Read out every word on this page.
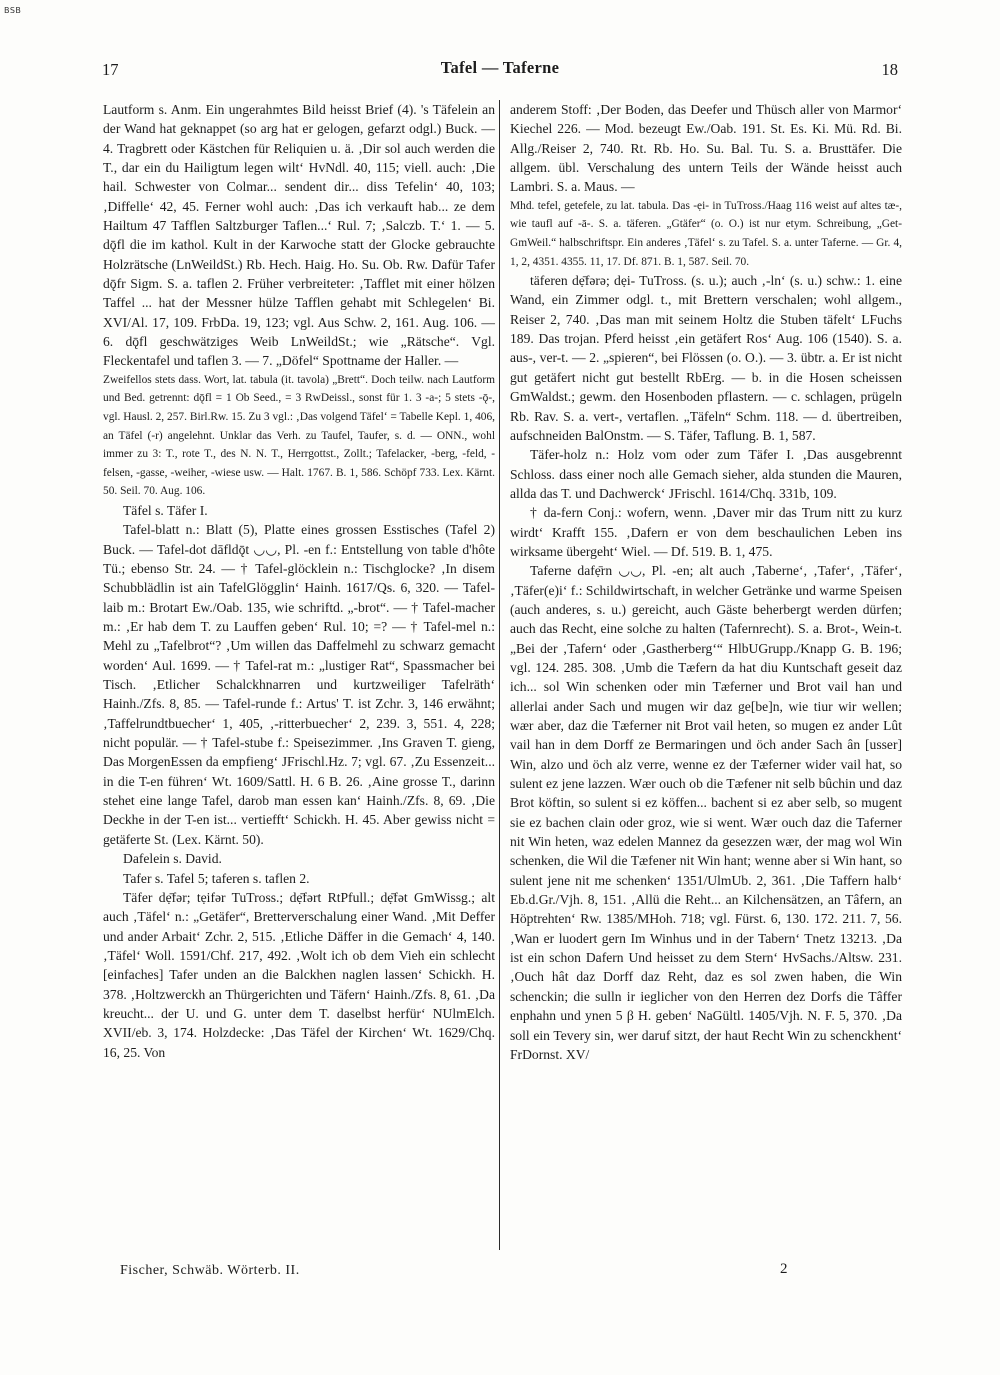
BSB
17	Tafel — Taferne	18

Lautform s. Anm. Ein ungerahmtes Bild heisst Brief (4). 's Täfelein an der Wand hat geknappet (so arg hat er gelogen, gefarzt odgl.) Buck. — 4. Tragbrett oder Kästchen für Reliquien u. ä. ‚Dir sol auch werden die T., dar ein du Hailigtum legen wilt‘ HvNdl. 40, 115; viell. auch: ‚Die hail. Schwester von Colmar... sendent dir... diss Tefelin‘ 40, 103; ‚Diffelle‘ 42, 45. Ferner wohl auch: ‚Das ich verkauft hab... ze dem Hailtum 47 Tafflen Saltzburger Taflen...‘ Rul. 7; ‚Salczb. T.‘ 1. — 5. dǭfl die im kathol. Kult in der Karwoche statt der Glocke gebrauchte Holzrätsche (LnWeildSt.) Rb. Hech. Haig. Ho. Su. Ob. Rw. Dafür Tafer dǭfr Sigm. S. a. taflen 2. Früher verbreiteter: ‚Tafflet mit einer hölzen Taffel ... hat der Messner hülze Tafflen gehabt mit Schlegelen‘ Bi. XVI/Al. 17, 109. FrbDa. 19, 123; vgl. Aus Schw. 2, 161. Aug. 106. — 6. dǭfl geschwätziges Weib LnWeildSt.; wie „Rätsche“. Vgl. Fleckentafel und taflen 3. — 7. „Döfel“ Spottname der Haller. —

Zweifellos stets dass. Wort, lat. tabula (it. tavola) „Brett“. Doch teilw. nach Lautform und Bed. getrennt: dǭfl = 1 Ob Seed., = 3 RwDeissl., sonst für 1. 3 -a-; 5 stets -ǭ-, vgl. Hausl. 2, 257. Birl.Rw. 15. Zu 3 vgl.: ‚Das volgend Täfel‘ = Tabelle Kepl. 1, 406, an Täfel (-r) angelehnt. Unklar das Verh. zu Taufel, Taufer, s. d. — ONN., wohl immer zu 3: T., rote T., des N. N. T., Herrgottst., Zollt.; Tafelacker, -berg, -feld, -felsen, -gasse, -weiher, -wiese usw. — Halt. 1767. B. 1, 586. Schöpf 733. Lex. Kärnt. 50. Seil. 70. Aug. 106.

Täfel s. Täfer I.

Tafel-blatt n.: Blatt (5), Platte eines grossen Esstisches (Tafel 2) Buck. — Tafel-dot dāfldǭt ◡◡, Pl. -en f.: Entstellung von table d'hôte Tü.; ebenso Str. 24. — † Tafel-glöcklein n.: Tischglocke? ‚In disem Schubblädlin ist ain TafelGlögglin‘ Hainh. 1617/Qs. 6, 320. — Tafel-laib m.: Brotart Ew./Oab. 135, wie schriftd. „-brot“. — † Tafel-macher m.: ‚Er hab dem T. zu Lauffen geben‘ Rul. 10; =? — † Tafel-mel n.: Mehl zu „Tafelbrot“? ‚Um willen das Daffelmehl zu schwarz gemacht worden‘ Aul. 1699. — † Tafel-rat m.: „lustiger Rat“, Spassmacher bei Tisch. ‚Etlicher Schalckhnarren und kurtzweiliger Tafelräth‘ Hainh./Zfs. 8, 85. — Tafel-runde f.: Artus' T. ist Zchr. 3, 146 erwähnt; ‚Taffelrundtbuecher‘ 1, 405, ‚-ritterbuecher‘ 2, 239. 3, 551. 4, 228; nicht populär. — † Tafel-stube f.: Speisezimmer. ‚Ins Graven T. gieng, Das MorgenEssen da empfieng‘ JFrischl.Hz. 7; vgl. 67. ‚Zu Essenzeit... in die T-en führen‘ Wt. 1609/Sattl. H. 6 B. 26. ‚Aine grosse T., darinn stehet eine lange Tafel, darob man essen kan‘ Hainh./Zfs. 8, 69. ‚Die Deckhe in der T-en ist... vertiefft‘ Schickh. H. 45. Aber gewiss nicht = getäferte St. (Lex. Kärnt. 50).

Dafelein s. David.

Tafer s. Tafel 5; taferen s. taflen 2.

Täfer dẹ̄fər; tẹifər TuTross.; dẹ̄fərt RtPfull.; dẹ̄fət GmWissg.; alt auch ‚Täfel‘ n.: „Getäfer“, Bretterverschalung einer Wand. ‚Mit Deffer und ander Arbait‘ Zchr. 2, 515. ‚Etliche Däffer in die Gemach‘ 4, 140. ‚Täfel‘ Woll. 1591/Chf. 217, 492. ‚Wolt ich ob dem Vieh ein schlecht [einfaches] Tafer unden an die Balckhen naglen lassen‘ Schickh. H. 378. ‚Holtzwerckh an Thürgerichten und Täfern‘ Hainh./Zfs. 8, 61. ‚Da kreucht... der U. und G. unter dem T. daselbst herfür‘ NUlmElch. XVII/eb. 3, 174. Holzdecke: ‚Das Täfel der Kirchen‘ Wt. 1629/Chq. 16, 25. Von

anderem Stoff: ‚Der Boden, das Deefer und Thüsch aller von Marmor‘ Kiechel 226. — Mod. bezeugt Ew./Oab. 191. St. Es. Ki. Mü. Rd. Bi. Allg./Reiser 2, 740. Rt. Rb. Ho. Su. Bal. Tu. S. a. Brusttäfer. Die allgem. übl. Verschalung des untern Teils der Wände heisst auch Lambri. S. a. Maus. —

Mhd. tefel, getefele, zu lat. tabula. Das -ẹi- in TuTross./Haag 116 weist auf altes tæ-, wie taufl auf -ā-. S. a. täferen. „Gtäfer“ (o. O.) ist nur etym. Schreibung, „Get- GmWeil.“ halbschriftspr. Ein anderes ‚Täfel‘ s. zu Tafel. S. a. unter Taferne. — Gr. 4, 1, 2, 4351. 4355. 11, 17. Df. 871. B. 1, 587. Seil. 70.

täferen dẹ̄fərə; dẹi- TuTross. (s. u.); auch ‚-ln‘ (s. u.) schw.: 1. eine Wand, ein Zimmer odgl. t., mit Brettern verschalen; wohl allgem., Reiser 2, 740. ‚Das man mit seinem Holtz die Stuben täfelt‘ LFuchs 189. Das trojan. Pferd heisst ‚ein getäfert Ros‘ Aug. 106 (1540). S. a. aus-, ver-t. — 2. „spieren“, bei Flössen (o. O.). — 3. übtr. a. Er ist nicht gut getäfert nicht gut bestellt RbErg. — b. in die Hosen scheissen GmWaldst.; gewm. den Hosenboden pflastern. — c. schlagen, prügeln Rb. Rav. S. a. vert-, vertaflen. „Täfeln“ Schm. 118. — d. übertreiben, aufschneiden BalOnstm. — S. Täfer, Taflung. B. 1, 587.

Täfer-holz n.: Holz vom oder zum Täfer I. ‚Das ausgebrennt Schloss. dass einer noch alle Gemach sieher, alda stunden die Mauren, allda das T. und Dachwerck‘ JFrischl. 1614/Chq. 331b, 109.

† da-fern Conj.: wofern, wenn. ‚Daver mir das Trum nitt zu kurz wirdt‘ Krafft 155. ‚Dafern er von dem beschaulichen Leben ins wirksame übergeht‘ Wiel. — Df. 519. B. 1, 475.

Taferne dafẹ̄rn ◡◡, Pl. -en; alt auch ‚Taberne‘, ‚Tafer‘, ‚Täfer‘, ‚Täfer(e)i‘ f.: Schildwirtschaft, in welcher Getränke und warme Speisen (auch anderes, s. u.) gereicht, auch Gäste beherbergt werden dürfen; auch das Recht, eine solche zu halten (Tafernrecht). S. a. Brot-, Wein-t. „Bei der ‚Tafern‘ oder ‚Gastherberg‘“ HlbUGrupp./Knapp G. B. 196; vgl. 124. 285. 308. ‚Umb die Tæfern da hat diu Kuntschaft geseit daz ich... sol Win schenken oder min Tæferner und Brot vail han und allerlai ander Sach und mugen wir daz ge[be]n, wie tiur wir wellen; wær aber, daz die Tæferner nit Brot vail heten, so mugen ez ander Lût vail han in dem Dorff ze Bermaringen und öch ander Sach ân [usser] Win, alzo und öch alz verre, wenne ez der Tæferner wider vail hat, so sulent ez jene lazzen. Wær ouch ob die Tæfener nit selb bûchin und daz Brot köftin, so sulent si ez köffen... bachent si ez aber selb, so mugent sie ez bachen clain oder groz, wie si went. Wær ouch daz die Taferner nit Win heten, waz edelen Mannez da gesezzen wær, der mag wol Win schenken, die Wil die Tæfener nit Win hant; wenne aber si Win hant, so sulent jene nit me schenken‘ 1351/UlmUb. 2, 361. ‚Die Taffern halb‘ Eb.d.Gr./Vjh. 8, 151. ‚Allü die Reht... an Kilchensätzen, an Tâfern, an Höptrehten‘ Rw. 1385/MHoh. 718; vgl. Fürst. 6, 130. 172. 211. 7, 56. ‚Wan er luodert gern Im Winhus und in der Tabern‘ Tnetz 13213. ‚Da ist ein schon Dafern Und heisset zu dem Stern‘ HvSachs./Altsw. 231. ‚Ouch hât daz Dorff daz Reht, daz es sol zwen haben, die Win schenckin; die sulln ir ieglicher von den Herren dez Dorfs die Tâffer enphahn und ynen 5 β H. geben‘ NaGültl. 1405/Vjh. N. F. 5, 370. ‚Da soll ein Tevery sin, wer daruf sitzt, der haut Recht Win zu schenckhent‘ FrDornst. XV/

Fischer, Schwäb. Wörterb. II.	2
